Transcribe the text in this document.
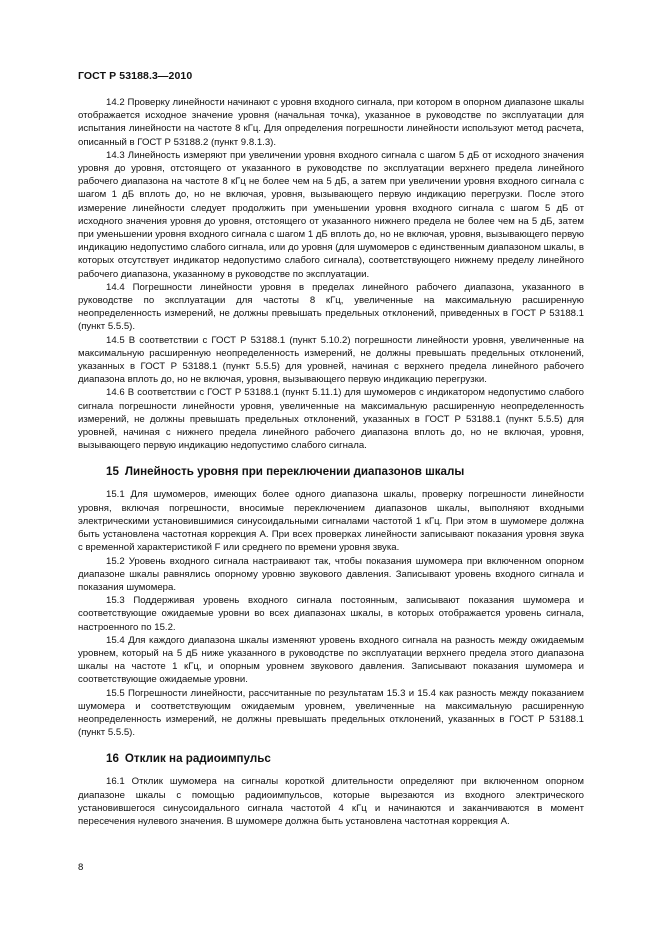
ГОСТ Р 53188.3—2010

14.2 Проверку линейности начинают с уровня входного сигнала, при котором в опорном диапазоне шкалы отображается исходное значение уровня (начальная точка), указанное в руководстве по эксплуатации для испытания линейности на частоте 8 кГц. Для определения погрешности линейности используют метод расчета, описанный в ГОСТ Р 53188.2 (пункт 9.8.1.3).

14.3 Линейность измеряют при увеличении уровня входного сигнала с шагом 5 дБ от исходного значения уровня до уровня, отстоящего от указанного в руководстве по эксплуатации верхнего предела линейного рабочего диапазона на частоте 8 кГц не более чем на 5 дБ, а затем при увеличении уровня входного сигнала с шагом 1 дБ вплоть до, но не включая, уровня, вызывающего первую индикацию перегрузки. После этого измерение линейности следует продолжить при уменьшении уровня входного сигнала с шагом 5 дБ от исходного значения уровня до уровня, отстоящего от указанного нижнего предела не более чем на 5 дБ, затем при уменьшении уровня входного сигнала с шагом 1 дБ вплоть до, но не включая, уровня, вызывающего первую индикацию недопустимо слабого сигнала, или до уровня (для шумомеров с единственным диапазоном шкалы, в которых отсутствует индикатор недопустимо слабого сигнала), соответствующего нижнему пределу линейного рабочего диапазона, указанному в руководстве по эксплуатации.

14.4 Погрешности линейности уровня в пределах линейного рабочего диапазона, указанного в руководстве по эксплуатации для частоты 8 кГц, увеличенные на максимальную расширенную неопределенность измерений, не должны превышать предельных отклонений, приведенных в ГОСТ Р 53188.1 (пункт 5.5.5).

14.5 В соответствии с ГОСТ Р 53188.1 (пункт 5.10.2) погрешности линейности уровня, увеличенные на максимальную расширенную неопределенность измерений, не должны превышать предельных отклонений, указанных в ГОСТ Р 53188.1 (пункт 5.5.5) для уровней, начиная с верхнего предела линейного рабочего диапазона вплоть до, но не включая, уровня, вызывающего первую индикацию перегрузки.

14.6 В соответствии с ГОСТ Р 53188.1 (пункт 5.11.1) для шумомеров с индикатором недопустимо слабого сигнала погрешности линейности уровня, увеличенные на максимальную расширенную неопределенность измерений, не должны превышать предельных отклонений, указанных в ГОСТ Р 53188.1 (пункт 5.5.5) для уровней, начиная с нижнего предела линейного рабочего диапазона вплоть до, но не включая, уровня, вызывающего первую индикацию недопустимо слабого сигнала.

15 Линейность уровня при переключении диапазонов шкалы

15.1 Для шумомеров, имеющих более одного диапазона шкалы, проверку погрешности линейности уровня, включая погрешности, вносимые переключением диапазонов шкалы, выполняют входными электрическими установившимися синусоидальными сигналами частотой 1 кГц. При этом в шумомере должна быть установлена частотная коррекция A. При всех проверках линейности записывают показания уровня звука с временной характеристикой F или среднего по времени уровня звука.

15.2 Уровень входного сигнала настраивают так, чтобы показания шумомера при включенном опорном диапазоне шкалы равнялись опорному уровню звукового давления. Записывают уровень входного сигнала и показания шумомера.

15.3 Поддерживая уровень входного сигнала постоянным, записывают показания шумомера и соответствующие ожидаемые уровни во всех диапазонах шкалы, в которых отображается уровень сигнала, настроенного по 15.2.

15.4 Для каждого диапазона шкалы изменяют уровень входного сигнала на разность между ожидаемым уровнем, который на 5 дБ ниже указанного в руководстве по эксплуатации верхнего предела этого диапазона шкалы на частоте 1 кГц, и опорным уровнем звукового давления. Записывают показания шумомера и соответствующие ожидаемые уровни.

15.5 Погрешности линейности, рассчитанные по результатам 15.3 и 15.4 как разность между показанием шумомера и соответствующим ожидаемым уровнем, увеличенные на максимальную расширенную неопределенность измерений, не должны превышать предельных отклонений, указанных в ГОСТ Р 53188.1 (пункт 5.5.5).

16 Отклик на радиоимпульс

16.1 Отклик шумомера на сигналы короткой длительности определяют при включенном опорном диапазоне шкалы с помощью радиоимпульсов, которые вырезаются из входного электрического установившегося синусоидального сигнала частотой 4 кГц и начинаются и заканчиваются в момент пересечения нулевого значения. В шумомере должна быть установлена частотная коррекция A.

8
